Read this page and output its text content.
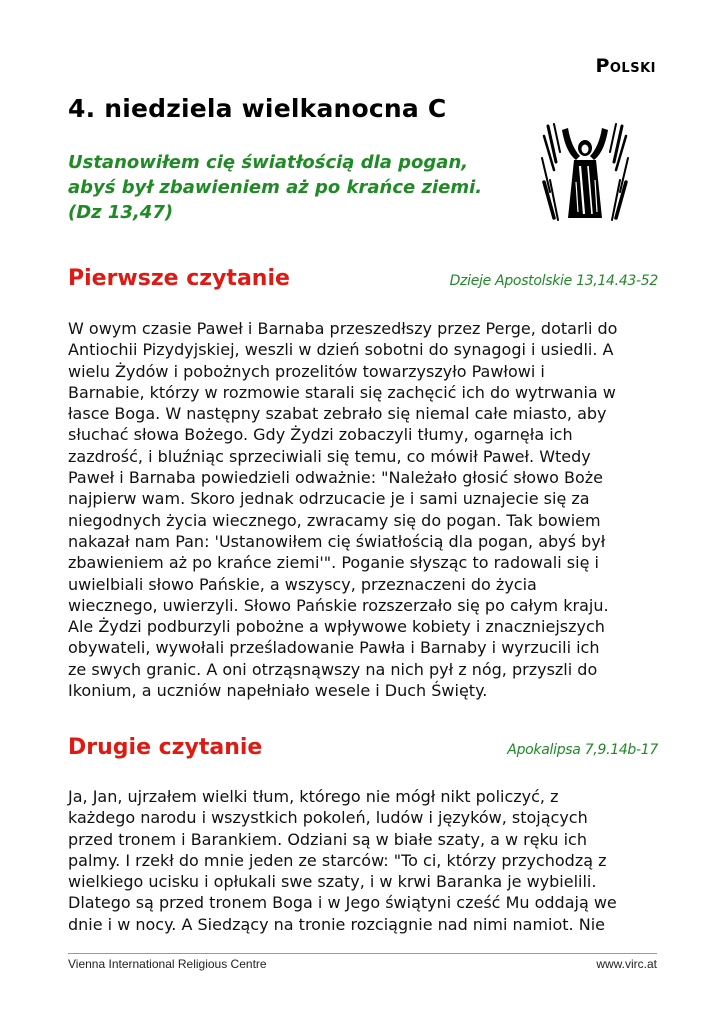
Polski
4. niedziela wielkanocna C
Ustanowiłem cię światłością dla pogan,
abyś był zbawieniem aż po krańce ziemi.
(Dz 13,47)
Pierwsze czytanie	Dzieje Apostolskie 13,14.43-52
W owym czasie Paweł i Barnaba przeszedłszy przez Perge, dotarli do
Antiochii Pizydyjskiej, weszli w dzień sobotni do synagogi i usiedli. A
wielu Żydów i pobożnych prozelitów towarzyszyło Pawłowi i
Barnabie, którzy w rozmowie starali się zachęcić ich do wytrwania w
łasce Boga. W następny szabat zebrało się niemal całe miasto, aby
słuchać słowa Bożego. Gdy Żydzi zobaczyli tłumy, ogarnęła ich
zazdrość, i bluźniąc sprzeciwiali się temu, co mówił Paweł. Wtedy
Paweł i Barnaba powiedzieli odważnie: "Należało głosić słowo Boże
najpierw wam. Skoro jednak odrzucacie je i sami uznajecie się za
niegodnych życia wiecznego, zwracamy się do pogan. Tak bowiem
nakazał nam Pan: 'Ustanowiłem cię światłością dla pogan, abyś był
zbawieniem aż po krańce ziemi'". Poganie słysząc to radowali się i
uwielbiali słowo Pańskie, a wszyscy, przeznaczeni do życia
wiecznego, uwierzyli. Słowo Pańskie rozszerzało się po całym kraju.
Ale Żydzi podburzyli pobożne a wpływowe kobiety i znaczniejszych
obywateli, wywołali prześladowanie Pawła i Barnaby i wyrzucili ich
ze swych granic. A oni otrząsnąwszy na nich pył z nóg, przyszli do
Ikonium, a uczniów napełniało wesele i Duch Święty.
Drugie czytanie	Apokalipsa 7,9.14b-17
Ja, Jan, ujrzałem wielki tłum, którego nie mógł nikt policzyć, z
każdego narodu i wszystkich pokoleń, ludów i języków, stojących
przed tronem i Barankiem. Odziani są w białe szaty, a w ręku ich
palmy. I rzekł do mnie jeden ze starców: "To ci, którzy przychodzą z
wielkiego ucisku i opłukali swe szaty, i w krwi Baranka je wybielili.
Dlatego są przed tronem Boga i w Jego świątyni cześć Mu oddają we
dnie i w nocy. A Siedzący na tronie rozciągnie nad nimi namiot. Nie
Vienna International Religious Centre	www.virc.at
